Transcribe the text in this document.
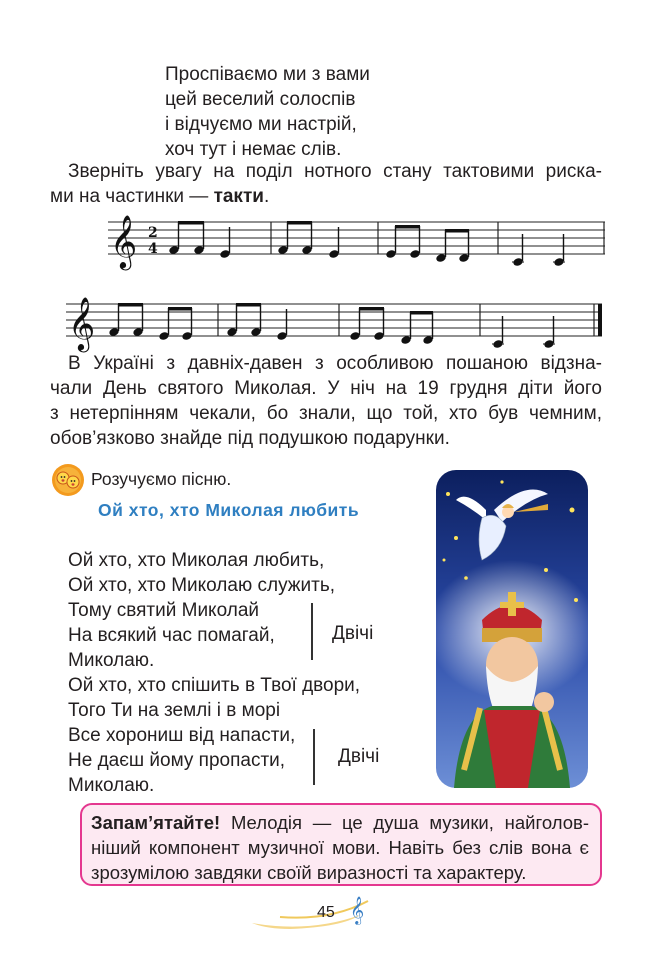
Проспіваємо ми з вами
цей веселий солоспів
і відчуємо ми настрій,
хоч тут і немає слів.
Зверніть увагу на поділ нотного стану тактовими риска-
ми на частинки — такти.
𝄞 2
4
𝄞
В Україні з давніх-давен з особливою пошаною відзна-
чали День святого Миколая. У ніч на 19 грудня діти його
з нетерпінням чекали, бо знали, що той, хто був чемним,
обов’язково знайде під подушкою подарунки.
Розучуємо пісню.
Ой хто, хто Миколая любить
Ой хто, хто Миколая любить,
Ой хто, хто Миколаю служить,
Тому святий Миколай
На всякий час помагай,
Миколаю.
Двічі
Ой хто, хто спішить в Твої двори,
Того Ти на землі і в морі
Все хорониш від напасти,
Не даєш йому пропасти,
Миколаю.
Двічі
Запам’ятайте! Мелодія — це душа музики, найголов-
ніший компонент музичної мови. Навіть без слів вона є
зрозумілою завдяки своїй виразності та характеру.
45 𝄞
